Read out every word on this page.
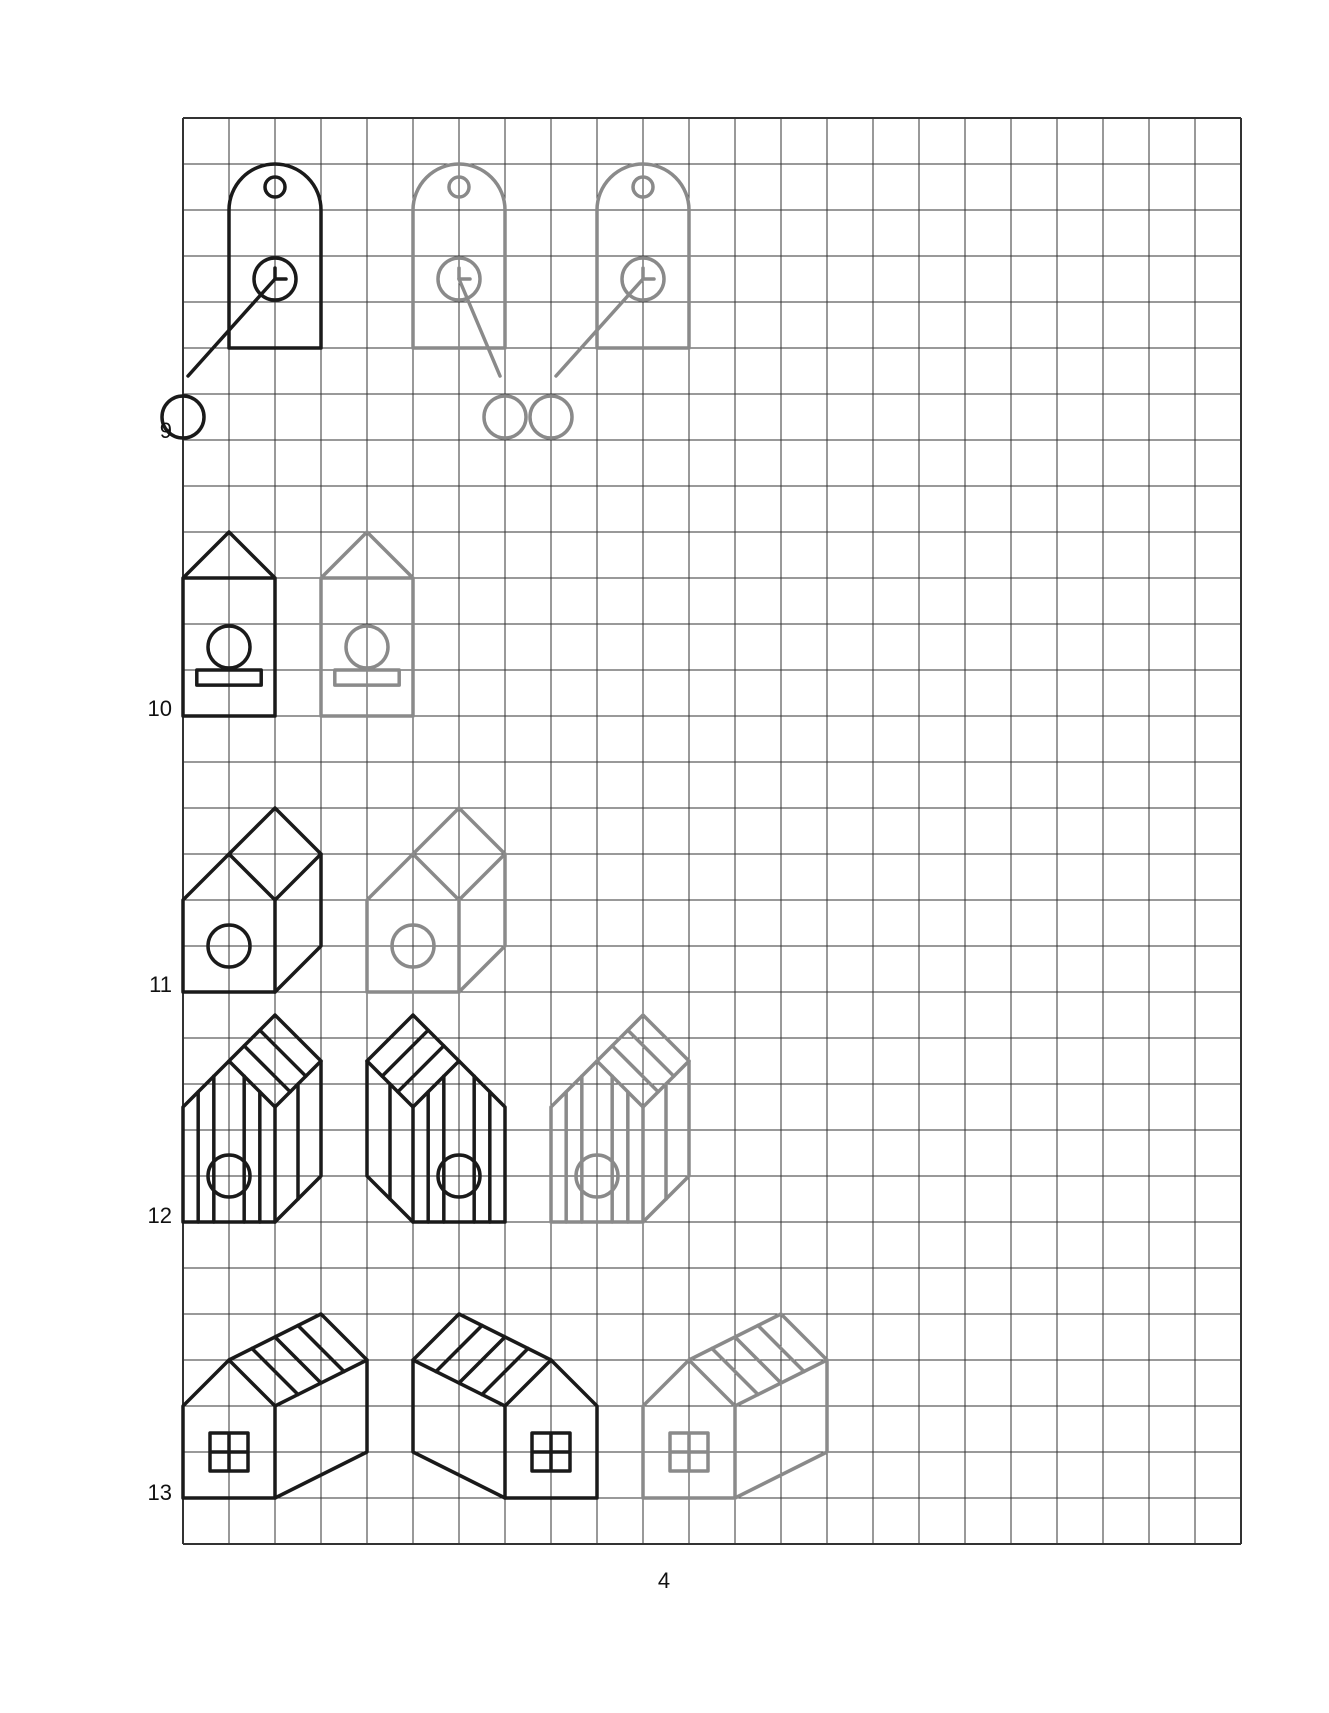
9
10
11
12
13
4
